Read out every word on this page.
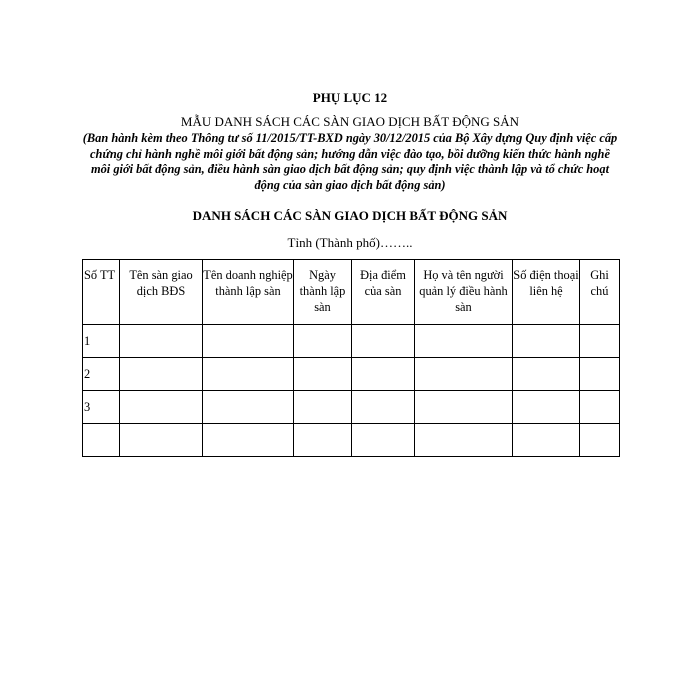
PHỤ LỤC 12
MẪU DANH SÁCH CÁC SÀN GIAO DỊCH BẤT ĐỘNG SẢN
(Ban hành kèm theo Thông tư số 11/2015/TT-BXD ngày 30/12/2015 của Bộ Xây dựng Quy định việc cấp chứng chỉ hành nghề môi giới bất động sản; hướng dẫn việc đào tạo, bồi dưỡng kiến thức hành nghề môi giới bất động sản, điều hành sàn giao dịch bất động sản; quy định việc thành lập và tổ chức hoạt động của sàn giao dịch bất động sản)
DANH SÁCH CÁC SÀN GIAO DỊCH BẤT ĐỘNG SẢN
Tỉnh (Thành phố)……..
Số TT	Tên sàn giao dịch BĐS	Tên doanh nghiệp thành lập sàn	Ngày thành lập sàn	Địa điểm của sàn	Họ và tên người quản lý điều hành sàn	Số điện thoại liên hệ	Ghi chú
1							
2							
3							
